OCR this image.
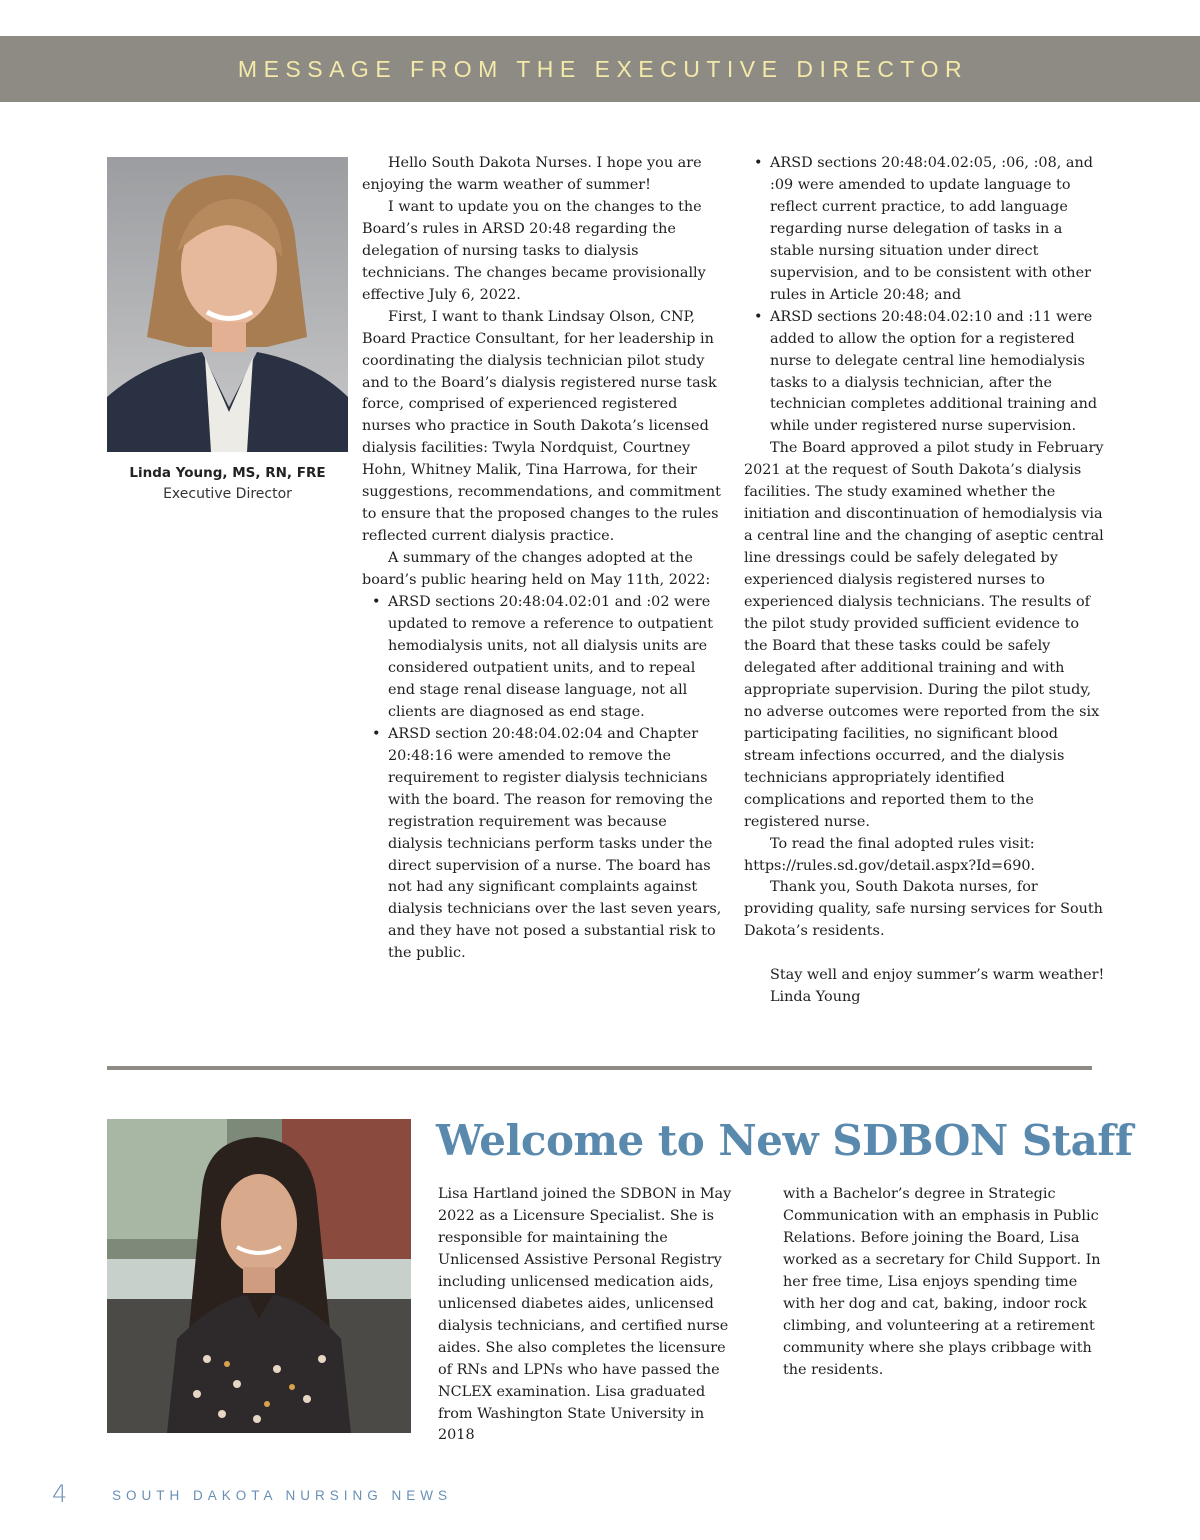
MESSAGE FROM THE EXECUTIVE DIRECTOR
Linda Young, MS, RN, FRE
Executive Director

Hello South Dakota Nurses. I hope you are enjoying the warm weather of summer!

I want to update you on the changes to the Board’s rules in ARSD 20:48 regarding the delegation of nursing tasks to dialysis technicians. The changes became provisionally effective July 6, 2022.

First, I want to thank Lindsay Olson, CNP, Board Practice Consultant, for her leadership in coordinating the dialysis technician pilot study and to the Board’s dialysis registered nurse task force, comprised of experienced registered nurses who practice in South Dakota’s licensed dialysis facilities: Twyla Nordquist, Courtney Hohn, Whitney Malik, Tina Harrowa, for their suggestions, recommendations, and commitment to ensure that the proposed changes to the rules reflected current dialysis practice.

A summary of the changes adopted at the board’s public hearing held on May 11th, 2022:

• ARSD sections 20:48:04.02:01 and :02 were updated to remove a reference to outpatient hemodialysis units, not all dialysis units are considered outpatient units, and to repeal end stage renal disease language, not all clients are diagnosed as end stage.
• ARSD section 20:48:04.02:04 and Chapter 20:48:16 were amended to remove the requirement to register dialysis technicians with the board. The reason for removing the registration requirement was because dialysis technicians perform tasks under the direct supervision of a nurse. The board has not had any significant complaints against dialysis technicians over the last seven years, and they have not posed a substantial risk to the public.
• ARSD sections 20:48:04.02:05, :06, :08, and :09 were amended to update language to reflect current practice, to add language regarding nurse delegation of tasks in a stable nursing situation under direct supervision, and to be consistent with other rules in Article 20:48; and
• ARSD sections 20:48:04.02:10 and :11 were added to allow the option for a registered nurse to delegate central line hemodialysis tasks to a dialysis technician, after the technician completes additional training and while under registered nurse supervision.

The Board approved a pilot study in February 2021 at the request of South Dakota’s dialysis facilities. The study examined whether the initiation and discontinuation of hemodialysis via a central line and the changing of aseptic central line dressings could be safely delegated by experienced dialysis registered nurses to experienced dialysis technicians. The results of the pilot study provided sufficient evidence to the Board that these tasks could be safely delegated after additional training and with appropriate supervision. During the pilot study, no adverse outcomes were reported from the six participating facilities, no significant blood stream infections occurred, and the dialysis technicians appropriately identified complications and reported them to the registered nurse.

To read the final adopted rules visit: https://rules.sd.gov/detail.aspx?Id=690.

Thank you, South Dakota nurses, for providing quality, safe nursing services for South Dakota’s residents.

Stay well and enjoy summer’s warm weather!

Linda Young

Welcome to New SDBON Staff

Lisa Hartland joined the SDBON in May 2022 as a Licensure Specialist. She is responsible for maintaining the Unlicensed Assistive Personal Registry including unlicensed medication aids, unlicensed diabetes aides, unlicensed dialysis technicians, and certified nurse aides. She also completes the licensure of RNs and LPNs who have passed the NCLEX examination. Lisa graduated from Washington State University in 2018

with a Bachelor’s degree in Strategic Communication with an emphasis in Public Relations. Before joining the Board, Lisa worked as a secretary for Child Support. In her free time, Lisa enjoys spending time with her dog and cat, baking, indoor rock climbing, and volunteering at a retirement community where she plays cribbage with the residents.

4	SOUTH DAKOTA NURSING NEWS
